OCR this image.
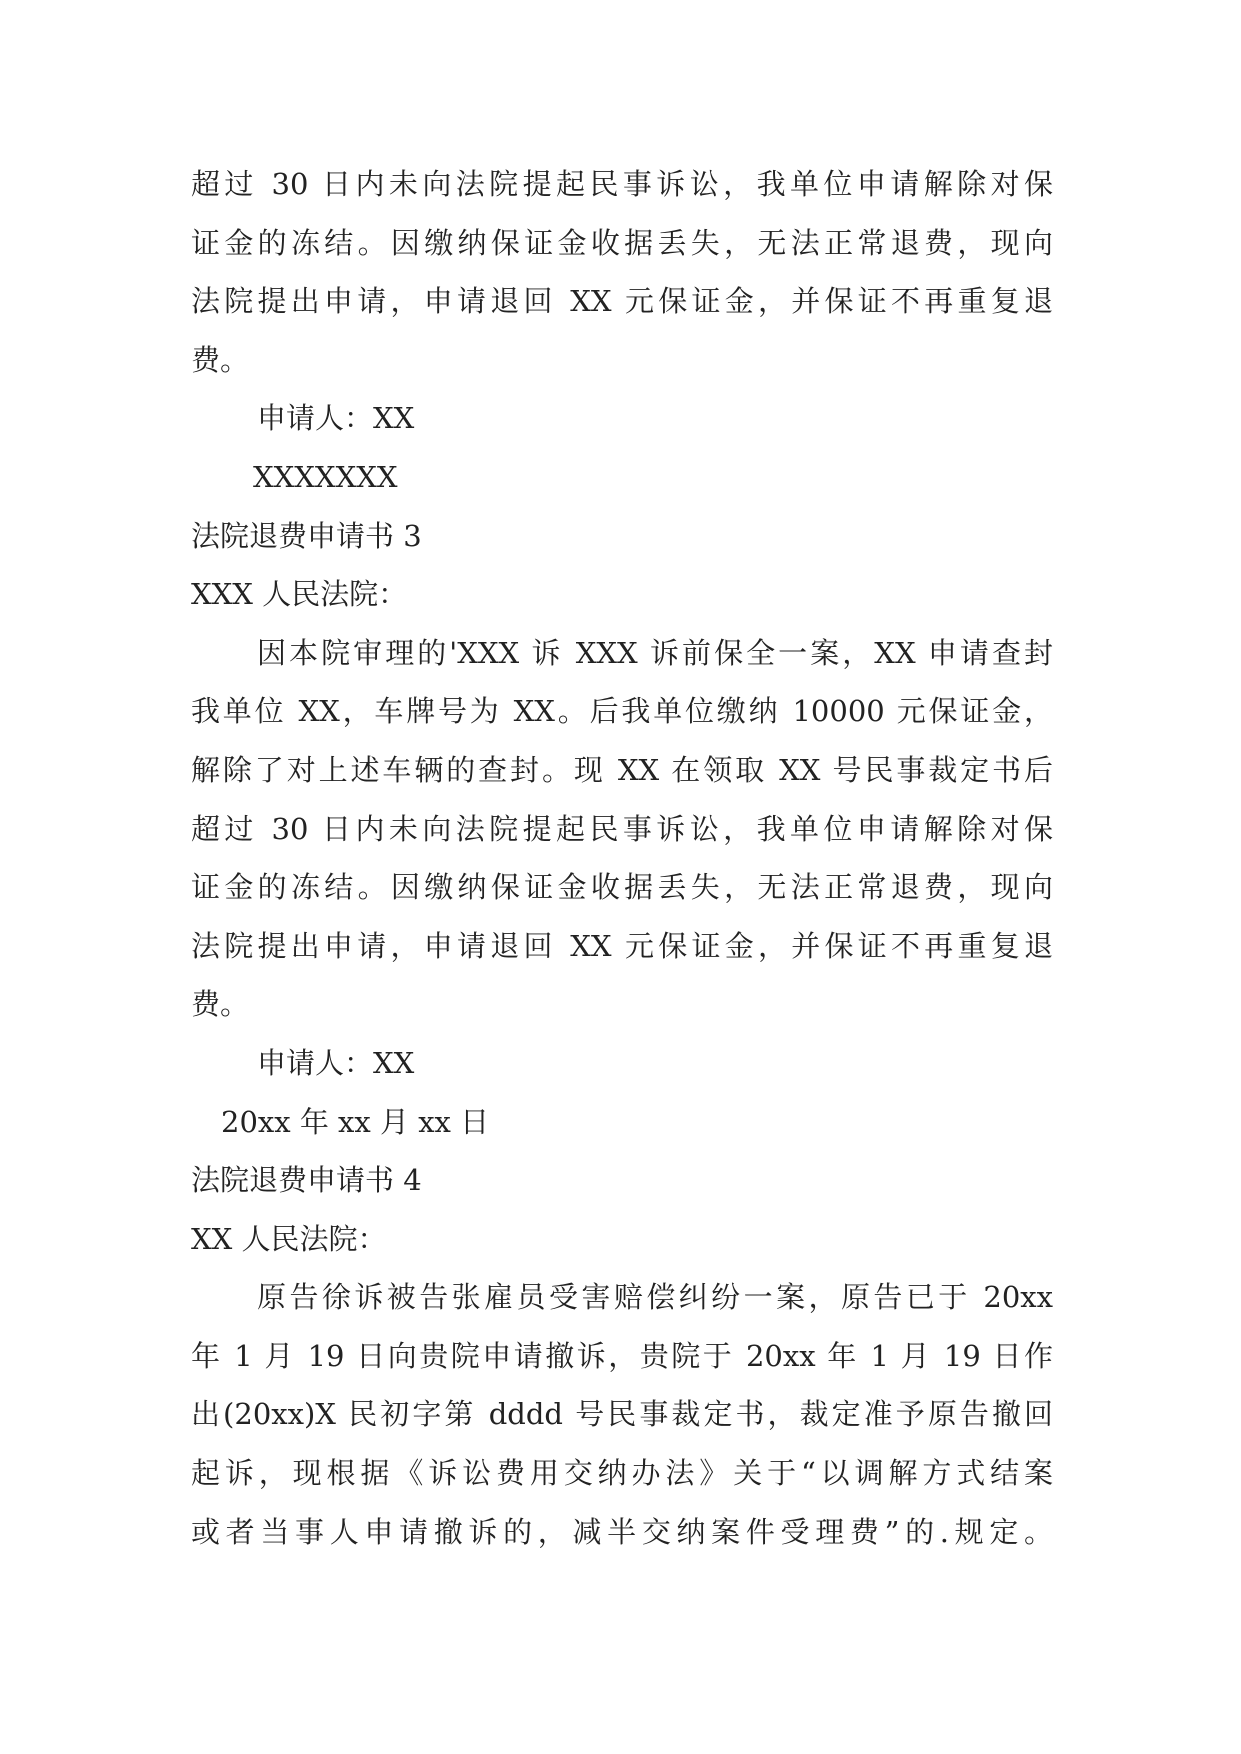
超过 30 日内未向法院提起民事诉讼，我单位申请解除对保
证金的冻结。因缴纳保证金收据丢失，无法正常退费，现向
法院提出申请，申请退回 XX 元保证金，并保证不再重复退
费。
申请人：XX
XXXXXXX
法院退费申请书 3
XXX 人民法院：
因本院审理的'XXX 诉 XXX 诉前保全一案，XX 申请查封
我单位 XX，车牌号为 XX。后我单位缴纳 10000 元保证金，
解除了对上述车辆的查封。现 XX 在领取 XX 号民事裁定书后
超过 30 日内未向法院提起民事诉讼，我单位申请解除对保
证金的冻结。因缴纳保证金收据丢失，无法正常退费，现向
法院提出申请，申请退回 XX 元保证金，并保证不再重复退
费。
申请人：XX
20xx 年 xx 月 xx 日
法院退费申请书 4
XX 人民法院：
原告徐诉被告张雇员受害赔偿纠纷一案，原告已于 20xx
年 1 月 19 日向贵院申请撤诉，贵院于 20xx 年 1 月 19 日作
出(20xx)X 民初字第 dddd 号民事裁定书，裁定准予原告撤回
起诉，现根据《诉讼费用交纳办法》关于“以调解方式结案
或者当事人申请撤诉的，减半交纳案件受理费”的.规定。
